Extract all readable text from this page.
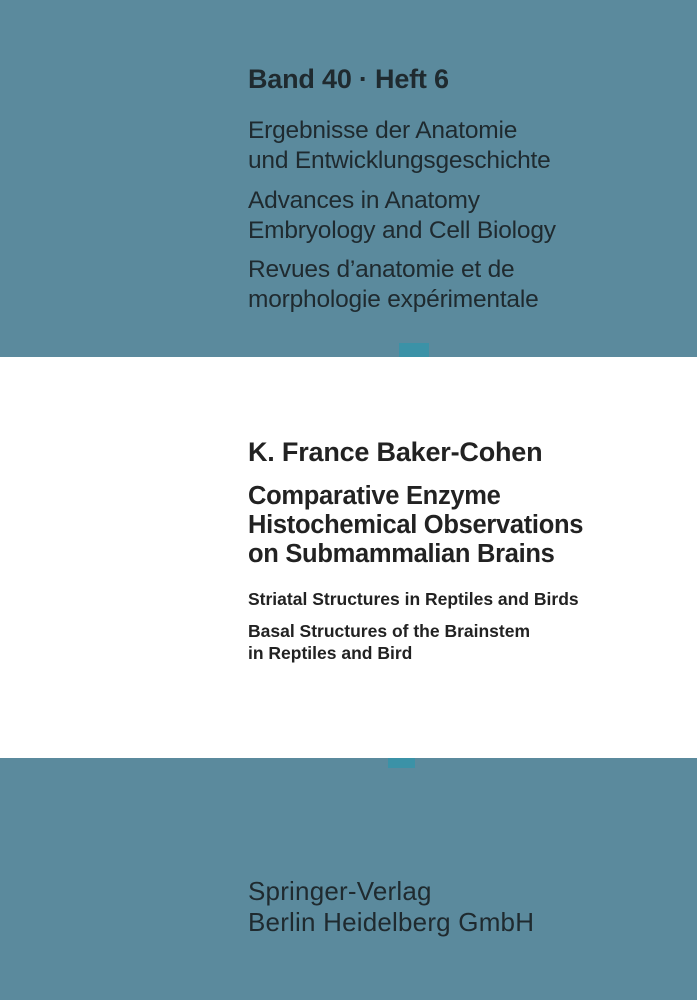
Band 40 · Heft 6
Ergebnisse der Anatomie
und Entwicklungsgeschichte
Advances in Anatomy
Embryology and Cell Biology
Revues d’anatomie et de
morphologie expérimentale
K. France Baker-Cohen
Comparative Enzyme
Histochemical Observations
on Submammalian Brains
Striatal Structures in Reptiles and Birds
Basal Structures of the Brainstem
in Reptiles and Bird
Springer-Verlag
Berlin Heidelberg GmbH
